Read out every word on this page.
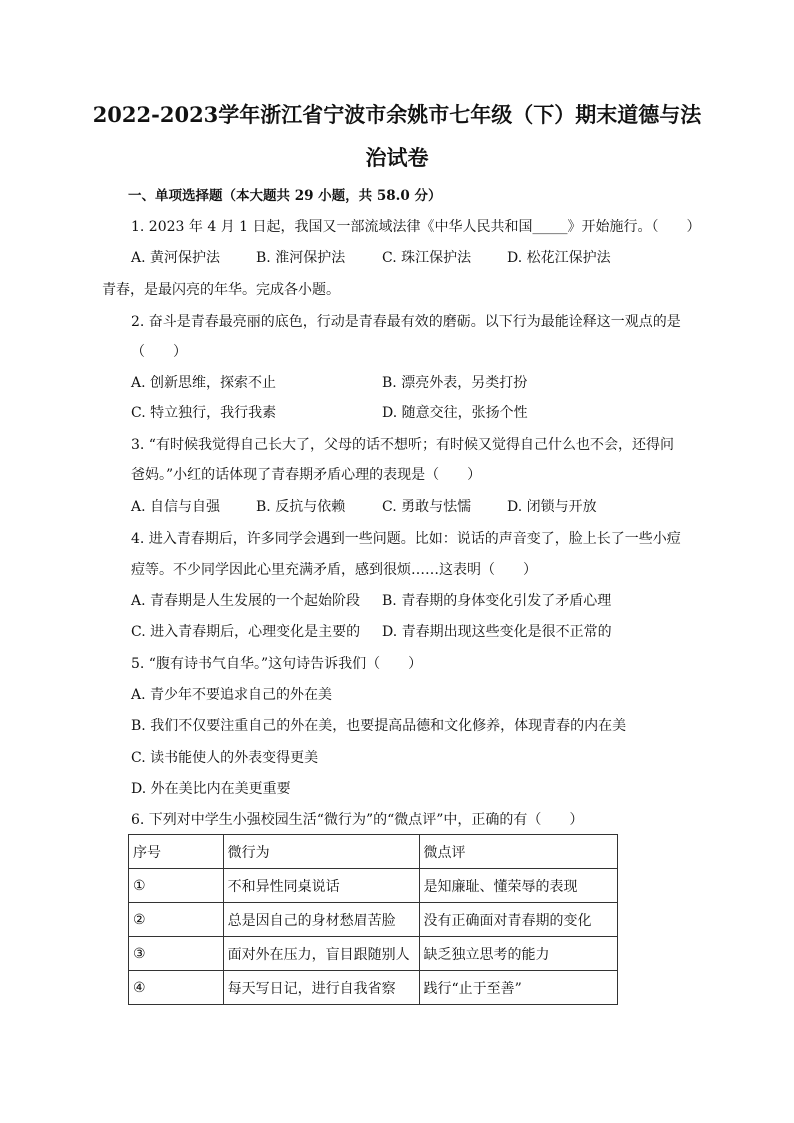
2022-2023学年浙江省宁波市余姚市七年级（下）期末道德与法
治试卷
一、单项选择题（本大题共 29 小题，共 58.0 分）
1. 2023 年 4 月 1 日起，我国又一部流域法律《中华人民共和国_____》开始施行。（　　）
A. 黄河保护法	B. 淮河保护法	C. 珠江保护法	D. 松花江保护法
青春，是最闪亮的年华。完成各小题。
2. 奋斗是青春最亮丽的底色，行动是青春最有效的磨砺。以下行为最能诠释这一观点的是
（　　）
A. 创新思维，探索不止	B. 漂亮外表，另类打扮
C. 特立独行，我行我素	D. 随意交往，张扬个性
3. “有时候我觉得自己长大了，父母的话不想听；有时候又觉得自己什么也不会，还得问
爸妈。”小红的话体现了青春期矛盾心理的表现是（　　）
A. 自信与自强	B. 反抗与依赖	C. 勇敢与怯懦	D. 闭锁与开放
4. 进入青春期后，许多同学会遇到一些问题。比如：说话的声音变了，脸上长了一些小痘
痘等。不少同学因此心里充满矛盾，感到很烦……这表明（　　）
A. 青春期是人生发展的一个起始阶段 B. 青春期的身体变化引发了矛盾心理
C. 进入青春期后，心理变化是主要的 D. 青春期出现这些变化是很不正常的
5. “腹有诗书气自华。”这句诗告诉我们（　　）
A. 青少年不要追求自己的外在美
B. 我们不仅要注重自己的外在美，也要提高品德和文化修养，体现青春的内在美
C. 读书能使人的外表变得更美
D. 外在美比内在美更重要
6. 下列对中学生小强校园生活“微行为”的“微点评”中，正确的有（　　）
序号	微行为	微点评
①	不和异性同桌说话	是知廉耻、懂荣辱的表现
②	总是因自己的身材愁眉苦脸	没有正确面对青春期的变化
③	面对外在压力，盲目跟随别人	缺乏独立思考的能力
④	每天写日记，进行自我省察	践行“止于至善”
